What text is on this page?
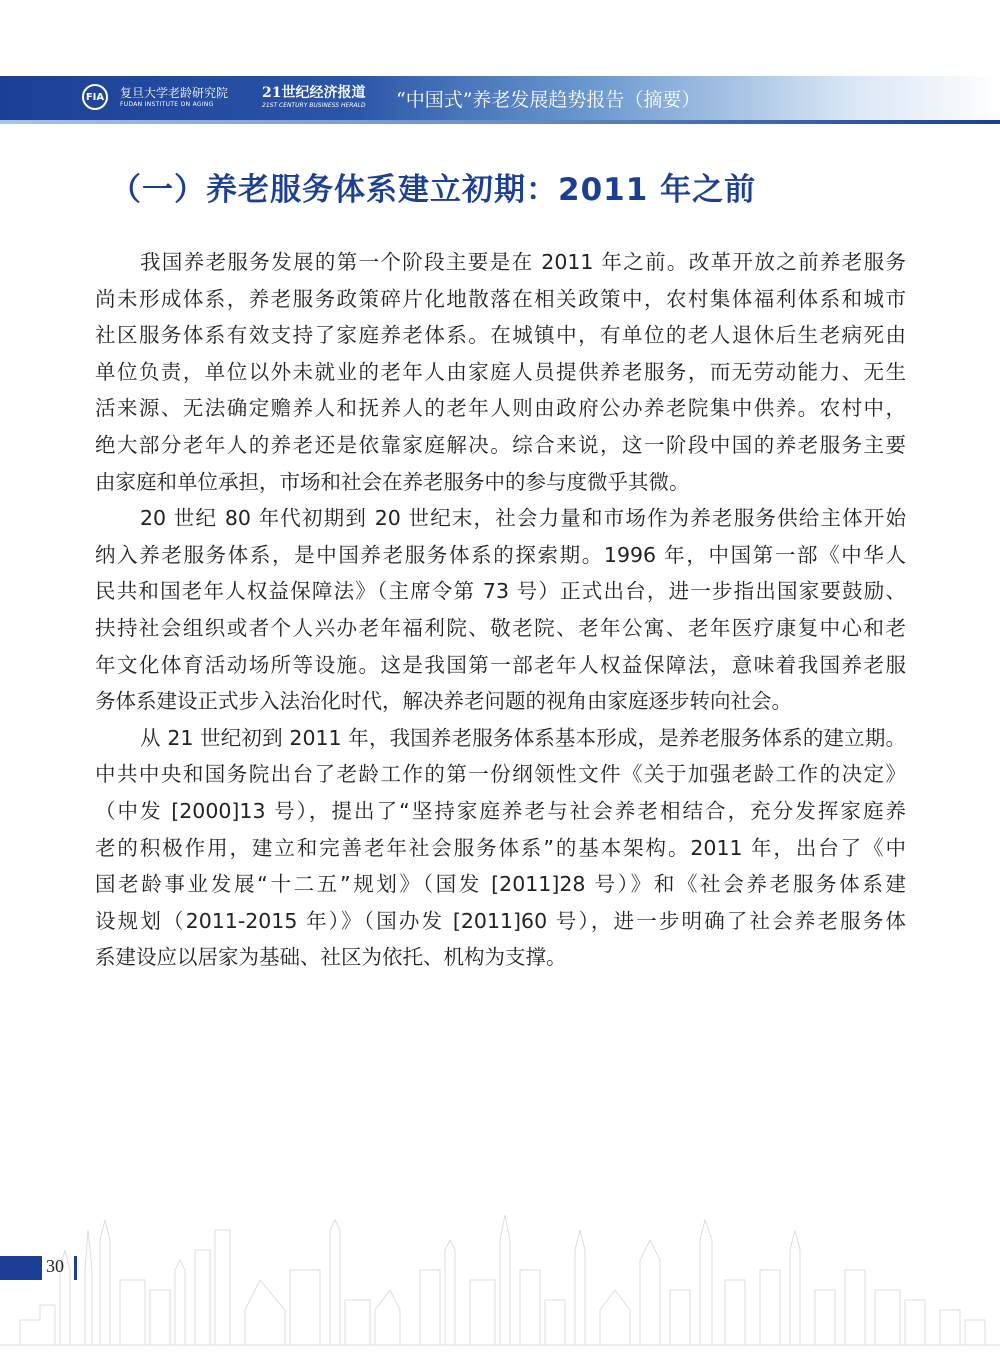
FIA 复旦大学老龄研究院
FUDAN INSTITUTE ON AGING
21世纪经济报道
21ST CENTURY BUSINESS HERALD “中国式”养老发展趋势报告（摘要）
（一）养老服务体系建立初期：2011 年之前
我国养老服务发展的第一个阶段主要是在 2011 年之前。改革开放之前养老服务
尚未形成体系，养老服务政策碎片化地散落在相关政策中，农村集体福利体系和城市
社区服务体系有效支持了家庭养老体系。在城镇中，有单位的老人退休后生老病死由
单位负责，单位以外未就业的老年人由家庭人员提供养老服务，而无劳动能力、无生
活来源、无法确定赡养人和抚养人的老年人则由政府公办养老院集中供养。农村中，
绝大部分老年人的养老还是依靠家庭解决。综合来说，这一阶段中国的养老服务主要
由家庭和单位承担，市场和社会在养老服务中的参与度微乎其微。
20 世纪 80 年代初期到 20 世纪末，社会力量和市场作为养老服务供给主体开始
纳入养老服务体系，是中国养老服务体系的探索期。1996 年，中国第一部《中华人
民共和国老年人权益保障法》（主席令第 73 号）正式出台，进一步指出国家要鼓励、
扶持社会组织或者个人兴办老年福利院、敬老院、老年公寓、老年医疗康复中心和老
年文化体育活动场所等设施。这是我国第一部老年人权益保障法，意味着我国养老服
务体系建设正式步入法治化时代，解决养老问题的视角由家庭逐步转向社会。
从 21 世纪初到 2011 年，我国养老服务体系基本形成，是养老服务体系的建立期。
中共中央和国务院出台了老龄工作的第一份纲领性文件《关于加强老龄工作的决定》
（中发 [2000]13 号），提出了“坚持家庭养老与社会养老相结合，充分发挥家庭养
老的积极作用，建立和完善老年社会服务体系”的基本架构。2011 年，出台了《中
国老龄事业发展“十二五”规划》（国发 [2011]28 号）》和《社会养老服务体系建
设规划（2011-2015 年）》（国办发 [2011]60 号），进一步明确了社会养老服务体
系建设应以居家为基础、社区为依托、机构为支撑。
30
